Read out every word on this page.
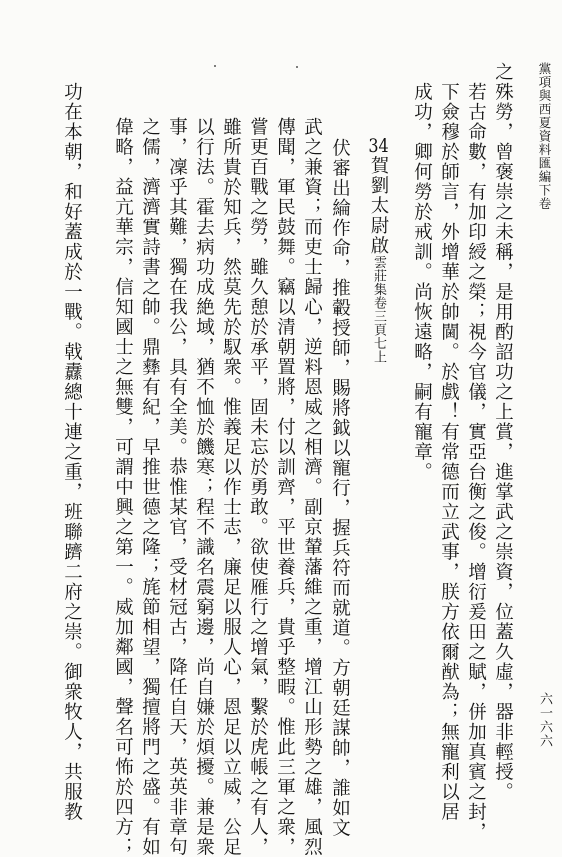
黨項與西夏資料匯編下卷
六一六六
之殊勞，曾褒崇之未稱，是用酌詔功之上賞，進掌武之崇資，位蓋久虛，器非輕授。
若古命數，有加印綬之榮；視今官儀，實亞台衡之俊。增衍爰田之賦，併加真賓之封，
下僉穆於師言，外增華於帥閫。於戲！有常德而立武事，朕方依爾猷為；無寵利以居
成功，卿何勞於戒訓。尚恢遠略，嗣有寵章。
34賀劉太尉啟雲莊集卷三頁七上
伏審出綸作命，推轂授師，賜將鉞以寵行，握兵符而就道。方朝廷謀帥，誰如文
武之兼資；而吏士歸心，逆料恩威之相濟。副京輦藩維之重，增江山形勢之雄，風烈
傳聞，軍民鼓舞。竊以清朝置將，付以訓齊，平世養兵，貴乎整暇。惟此三軍之衆，
嘗更百戰之勞，雖久憩於承平，固未忘於勇敢。欲使雁行之增氣，繫於虎帳之有人，
雖所貴於知兵，然莫先於馭衆。惟義足以作士志，廉足以服人心，恩足以立威，公足
以行法。霍去病功成絶域，猶不恤於饑寒；程不識名震窮邊，尚自嫌於煩擾。兼是衆
事，凜乎其難，獨在我公，具有全美。恭惟某官，受材冠古，降任自天，英英非章句
之儒，濟濟實詩書之帥。鼎彝有紀，早推世德之隆；旄節相望，獨擅將門之盛。有如
偉略，益亢華宗，信知國士之無雙，可謂中興之第一。威加鄰國，聲名可怖於四方；
功在本朝，和好蓋成於一戰。戟纛總十連之重，班聯躋二府之崇。御衆牧人，共服教
